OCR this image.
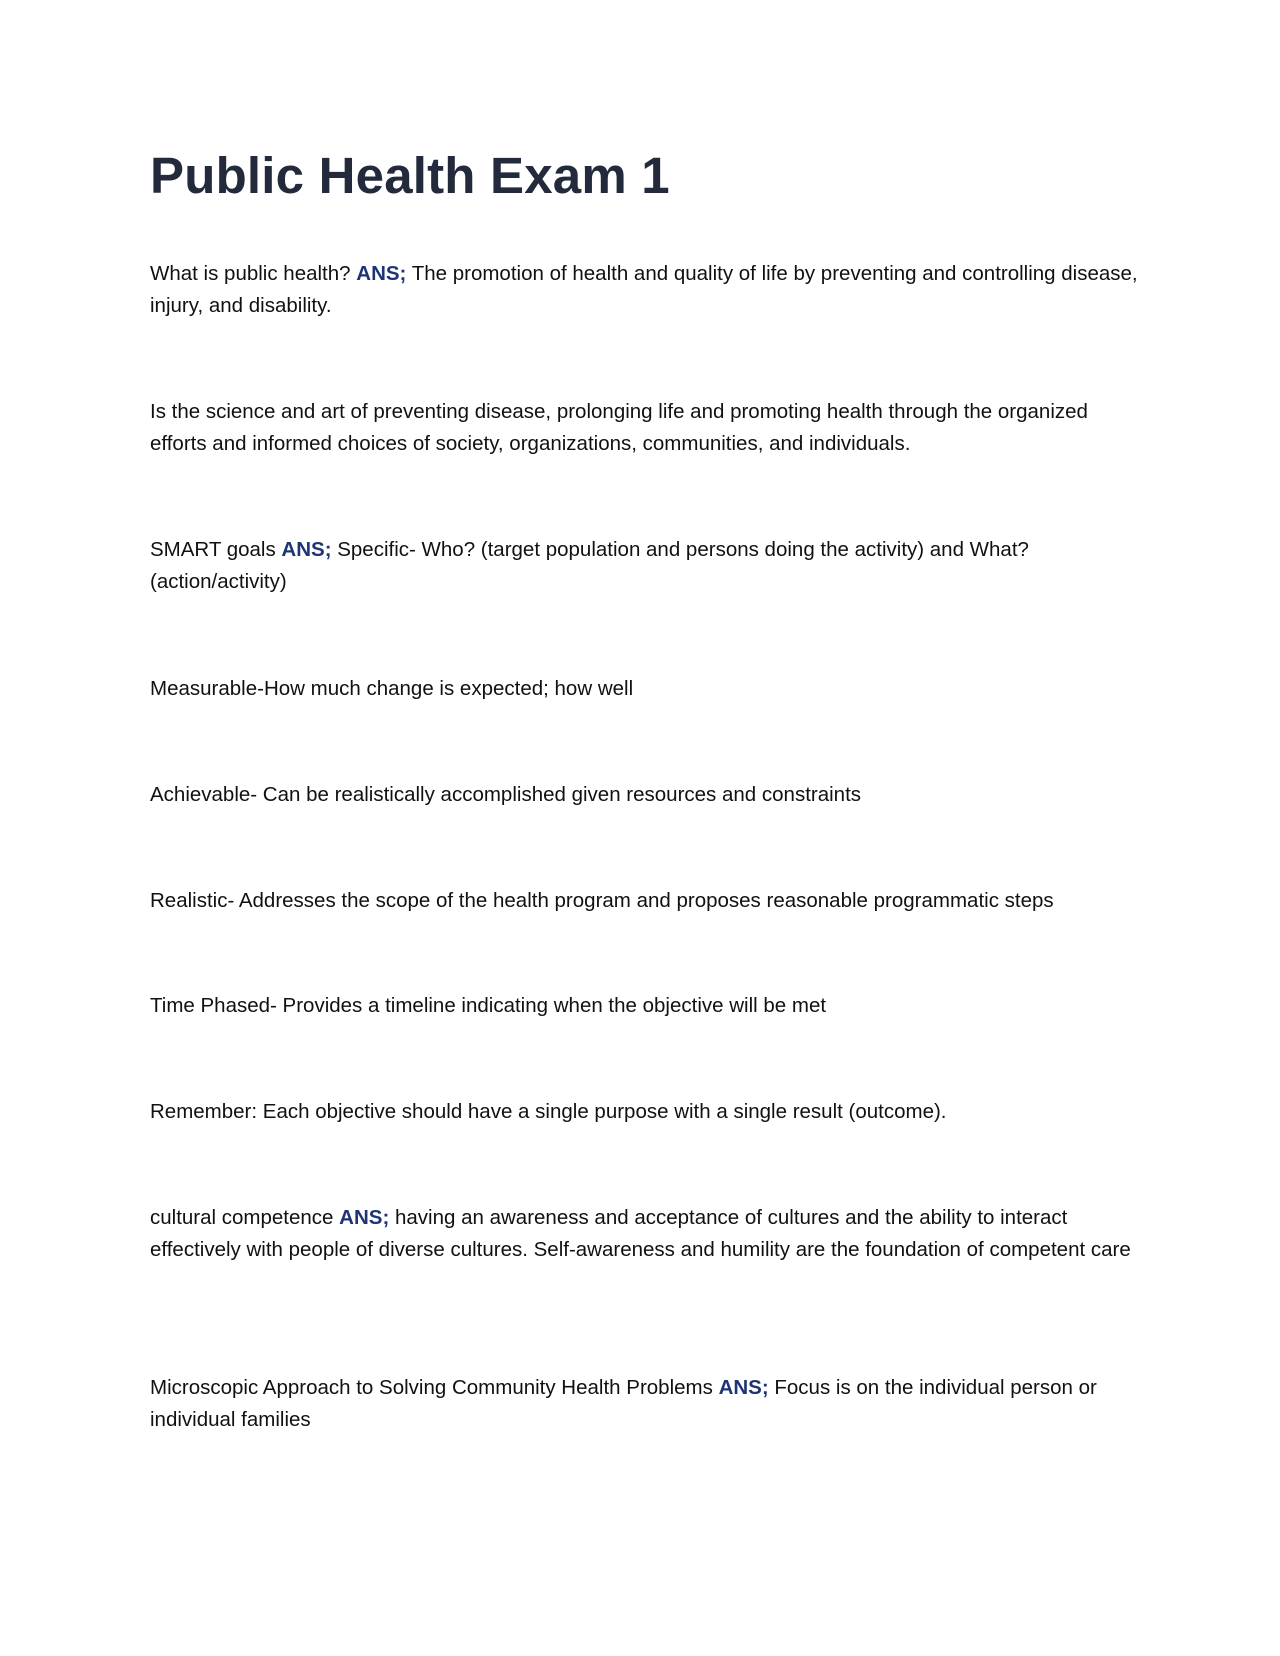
Public Health Exam 1

What is public health? ANS; The promotion of health and quality of life by preventing and controlling disease, injury, and disability.

Is the science and art of preventing disease, prolonging life and promoting health through the organized efforts and informed choices of society, organizations, communities, and individuals.

SMART goals ANS; Specific- Who? (target population and persons doing the activity) and What? (action/activity)

Measurable-How much change is expected; how well

Achievable- Can be realistically accomplished given resources and constraints

Realistic- Addresses the scope of the health program and proposes reasonable programmatic steps

Time Phased- Provides a timeline indicating when the objective will be met

Remember: Each objective should have a single purpose with a single result (outcome).

cultural competence ANS; having an awareness and acceptance of cultures and the ability to interact effectively with people of diverse cultures. Self-awareness and humility are the foundation of competent care

Microscopic Approach to Solving Community Health Problems ANS; Focus is on the individual person or individual families
